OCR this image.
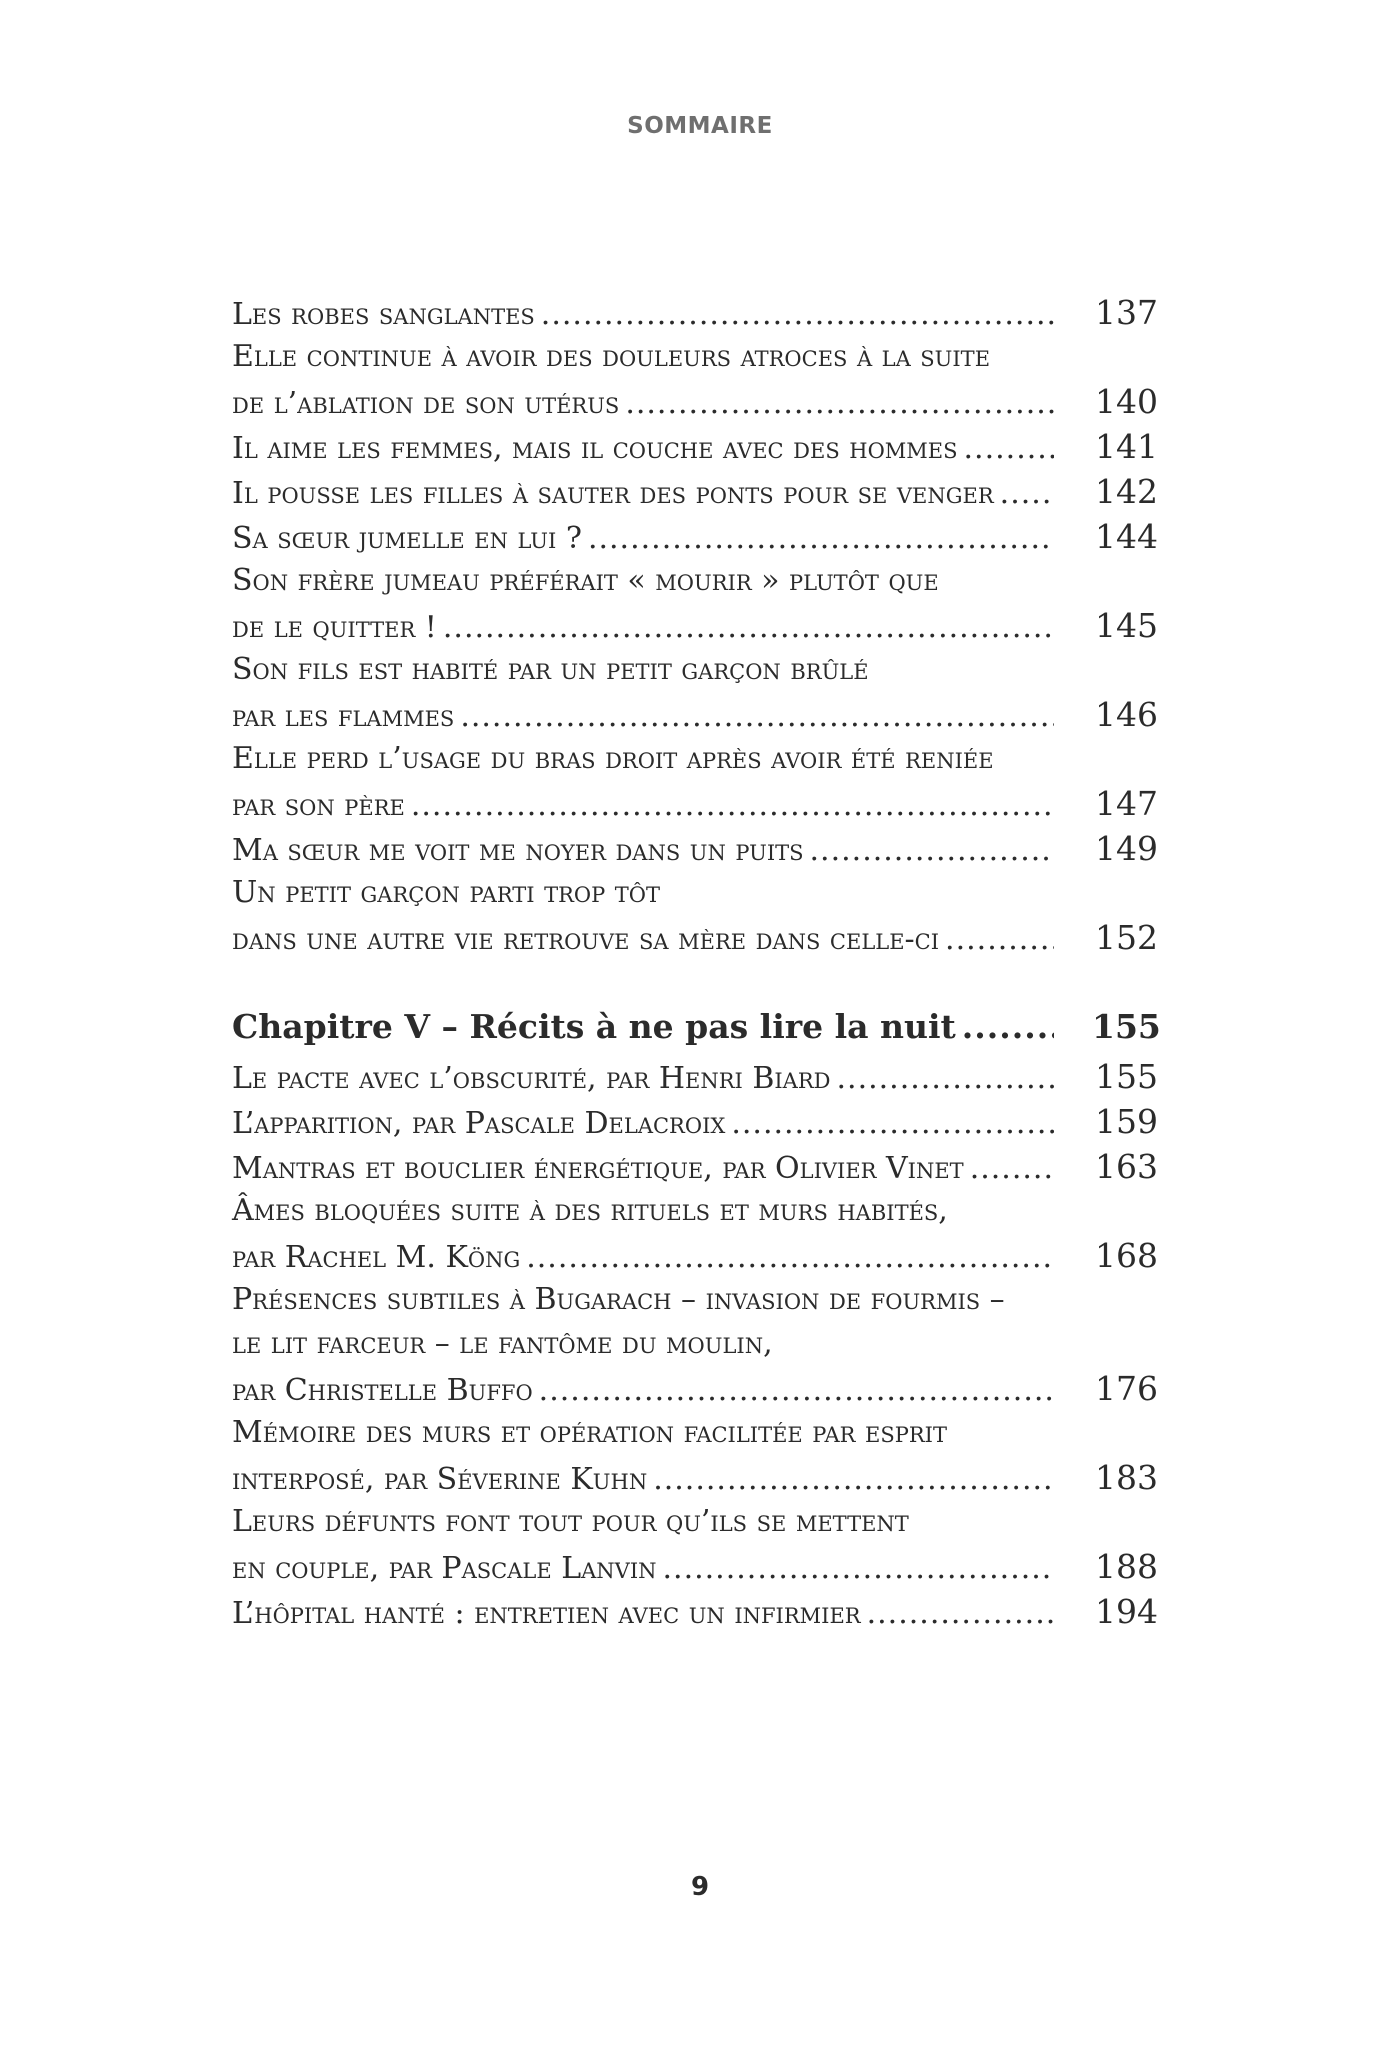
SOMMAIRE
Les robes sanglantes .....	137
Elle continue à avoir des douleurs atroces à la suite
de l’ablation de son utérus .....	140
Il aime les femmes, mais il couche avec des hommes .....	141
Il pousse les filles à sauter des ponts pour se venger .....	142
Sa sœur jumelle en lui ? .....	144
Son frère jumeau préférait « mourir » plutôt que
de le quitter ! .....	145
Son fils est habité par un petit garçon brûlé
par les flammes .....	146
Elle perd l’usage du bras droit après avoir été reniée
par son père .....	147
Ma sœur me voit me noyer dans un puits .....	149
Un petit garçon parti trop tôt
dans une autre vie retrouve sa mère dans celle-ci .....	152
Chapitre V – Récits à ne pas lire la nuit .....	155
Le pacte avec l’obscurité, par Henri Biard .....	155
L’apparition, par Pascale Delacroix .....	159
Mantras et bouclier énergétique, par Olivier Vinet .....	163
Âmes bloquées suite à des rituels et murs habités,
par Rachel M. Köng .....	168
Présences subtiles à Bugarach – invasion de fourmis –
le lit farceur – le fantôme du moulin,
par Christelle Buffo .....	176
Mémoire des murs et opération facilitée par esprit
interposé, par Séverine Kuhn .....	183
Leurs défunts font tout pour qu’ils se mettent
en couple, par Pascale Lanvin .....	188
L’hôpital hanté : entretien avec un infirmier .....	194
9
